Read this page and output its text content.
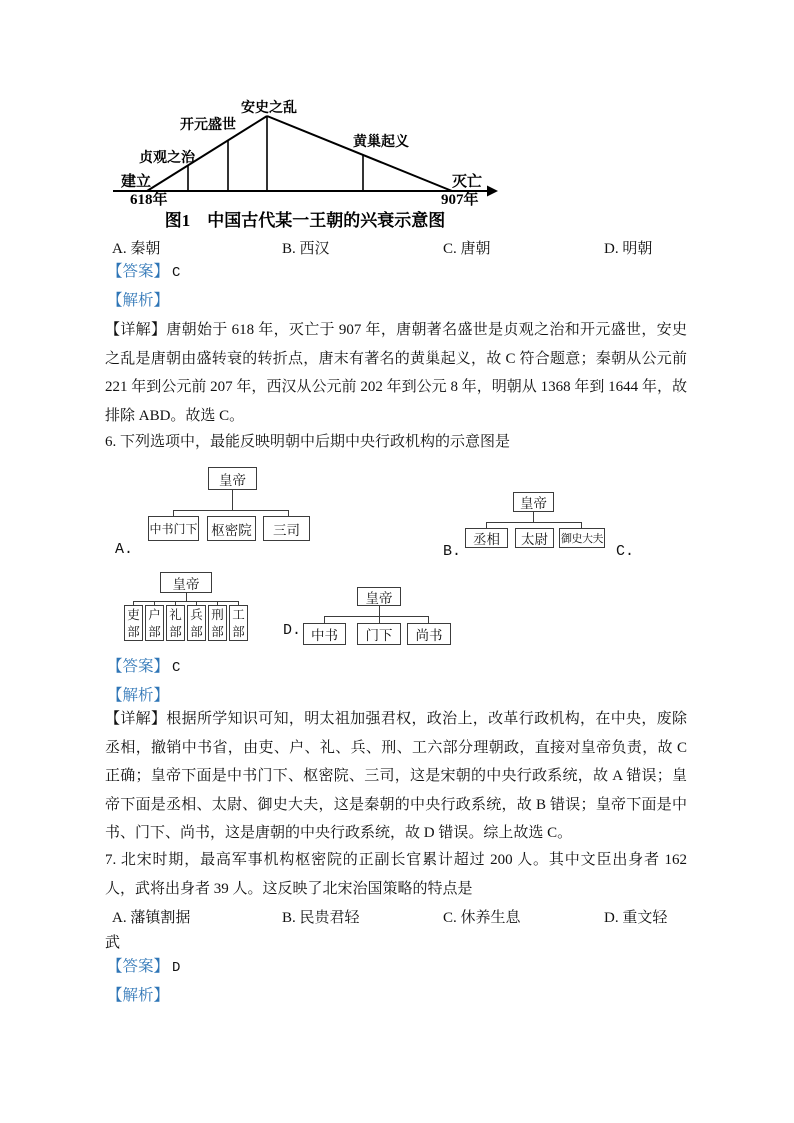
建立
618年
贞观之治
开元盛世
安史之乱
黄巢起义
灭亡
907年
图1　中国古代某一王朝的兴衰示意图
A. 秦朝	B. 西汉	C. 唐朝	D. 明朝
【答案】 C
【解析】
【详解】唐朝始于 618 年，灭亡于 907 年，唐朝著名盛世是贞观之治和开元盛世，安史之乱是唐朝由盛转衰的转折点，唐末有著名的黄巢起义，故 C 符合题意；秦朝从公元前 221 年到公元前 207 年，西汉从公元前 202 年到公元 8 年，明朝从 1368 年到 1644 年，故排除 ABD。故选 C。
6. 下列选项中，最能反映明朝中后期中央行政机构的示意图是
皇帝
中书门下	枢密院	三司
A.
皇帝
丞相	太尉	御史大夫
B.	C.
皇帝
吏部
户部
礼部
兵部
刑部
工部	D.
皇帝
中书	门下	尚书
【答案】 C
【解析】
【详解】根据所学知识可知，明太祖加强君权，政治上，改革行政机构，在中央，废除丞相，撤销中书省，由吏、户、礼、兵、刑、工六部分理朝政，直接对皇帝负责，故 C 正确；皇帝下面是中书门下、枢密院、三司，这是宋朝的中央行政系统，故 A 错误；皇帝下面是丞相、太尉、御史大夫，这是秦朝的中央行政系统，故 B 错误；皇帝下面是中书、门下、尚书，这是唐朝的中央行政系统，故 D 错误。综上故选 C。
7. 北宋时期，最高军事机构枢密院的正副长官累计超过 200 人。其中文臣出身者 162 人，武将出身者 39 人。这反映了北宋治国策略的特点是
A. 藩镇割据	B. 民贵君轻	C. 休养生息	D. 重文轻
武
【答案】 D
【解析】
